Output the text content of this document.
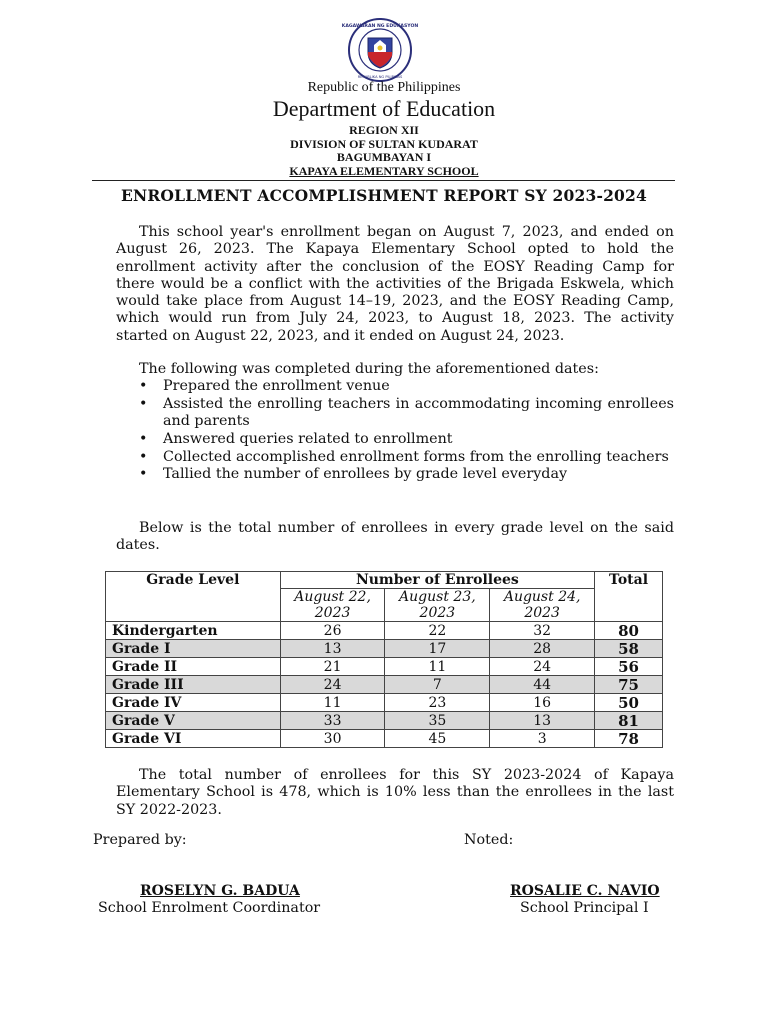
KAGAWARAN NG EDUKASYON
REPUBLIKA NG PILIPINAS
Republic of the Philippines
Department of Education
REGION XII
DIVISION OF SULTAN KUDARAT
BAGUMBAYAN I
KAPAYA ELEMENTARY SCHOOL
ENROLLMENT ACCOMPLISHMENT REPORT SY 2023-2024
This school year's enrollment began on August 7, 2023, and ended on August 26, 2023. The Kapaya Elementary School opted to hold the enrollment activity after the conclusion of the EOSY Reading Camp for there would be a conflict with the activities of the Brigada Eskwela, which would take place from August 14–19, 2023, and the EOSY Reading Camp, which would run from July 24, 2023, to August 18, 2023. The activity started on August 22, 2023, and it ended on August 24, 2023.
The following was completed during the aforementioned dates:
• Prepared the enrollment venue
• Assisted the enrolling teachers in accommodating incoming enrollees and parents
• Answered queries related to enrollment
• Collected accomplished enrollment forms from the enrolling teachers
• Tallied the number of enrollees by grade level everyday
Below is the total number of enrollees in every grade level on the said dates.
Grade Level	Number of Enrollees			Total
	August 22, 2023	August 23, 2023	August 24, 2023	
Kindergarten	26	22	32	80
Grade I	13	17	28	58
Grade II	21	11	24	56
Grade III	24	7	44	75
Grade IV	11	23	16	50
Grade V	33	35	13	81
Grade VI	30	45	3	78
The total number of enrollees for this SY 2023-2024 of Kapaya Elementary School is 478, which is 10% less than the enrollees in the last SY 2022-2023.
Prepared by:	Noted:
ROSELYN G. BADUA
School Enrolment Coordinator
ROSALIE C. NAVIO
School Principal I
